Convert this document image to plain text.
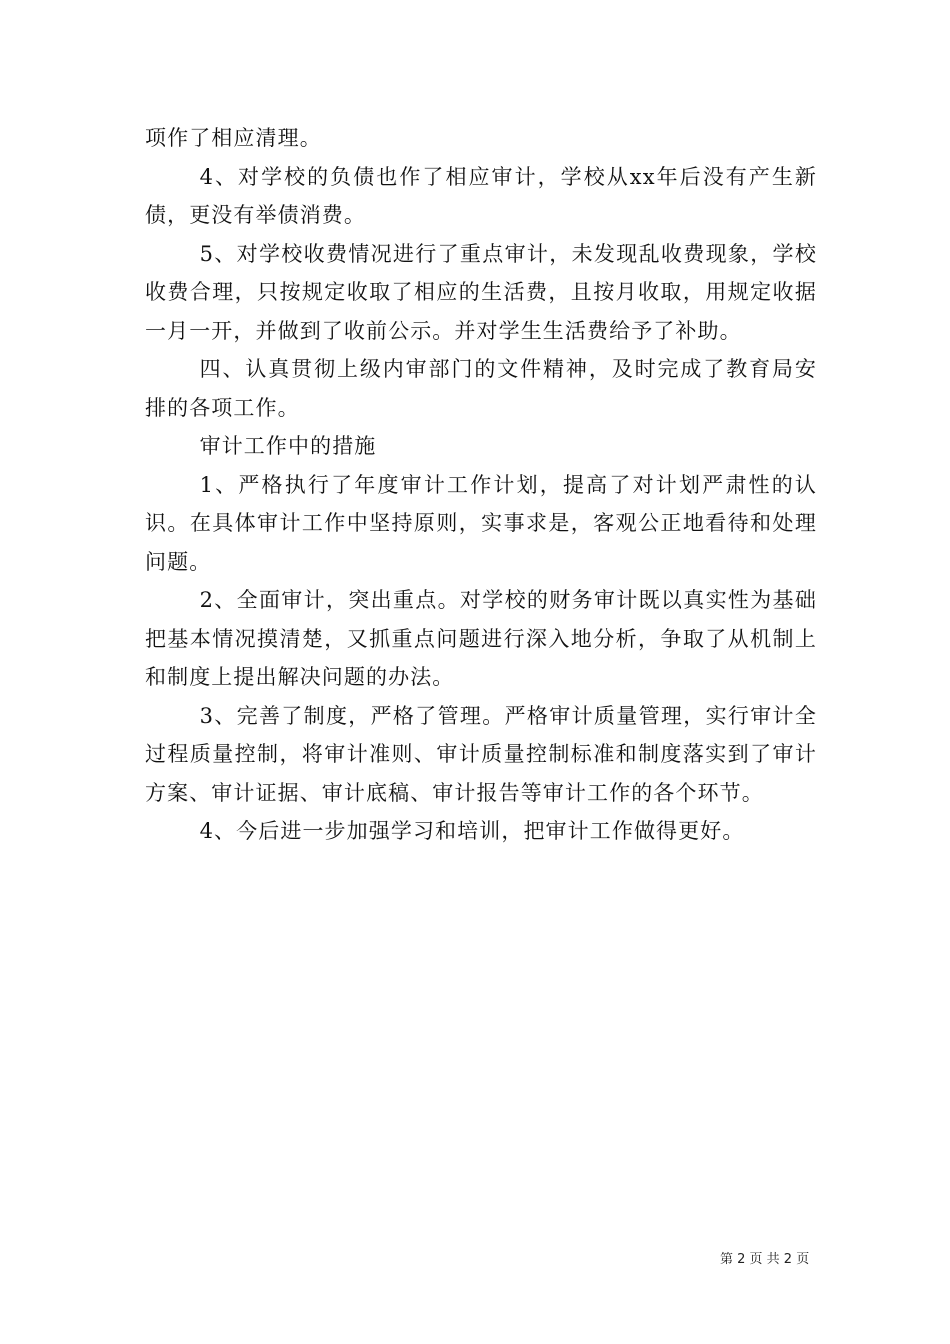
项作了相应清理。

4、对学校的负债也作了相应审计，学校从xx年后没有产生新债，更没有举债消费。

5、对学校收费情况进行了重点审计，未发现乱收费现象，学校收费合理，只按规定收取了相应的生活费，且按月收取，用规定收据一月一开，并做到了收前公示。并对学生生活费给予了补助。

四、认真贯彻上级内审部门的文件精神，及时完成了教育局安排的各项工作。

审计工作中的措施

1、严格执行了年度审计工作计划，提高了对计划严肃性的认识。在具体审计工作中坚持原则，实事求是，客观公正地看待和处理问题。

2、全面审计，突出重点。对学校的财务审计既以真实性为基础把基本情况摸清楚，又抓重点问题进行深入地分析，争取了从机制上和制度上提出解决问题的办法。

3、完善了制度，严格了管理。严格审计质量管理，实行审计全过程质量控制，将审计准则、审计质量控制标准和制度落实到了审计方案、审计证据、审计底稿、审计报告等审计工作的各个环节。

4、今后进一步加强学习和培训，把审计工作做得更好。

第 2 页 共 2 页
